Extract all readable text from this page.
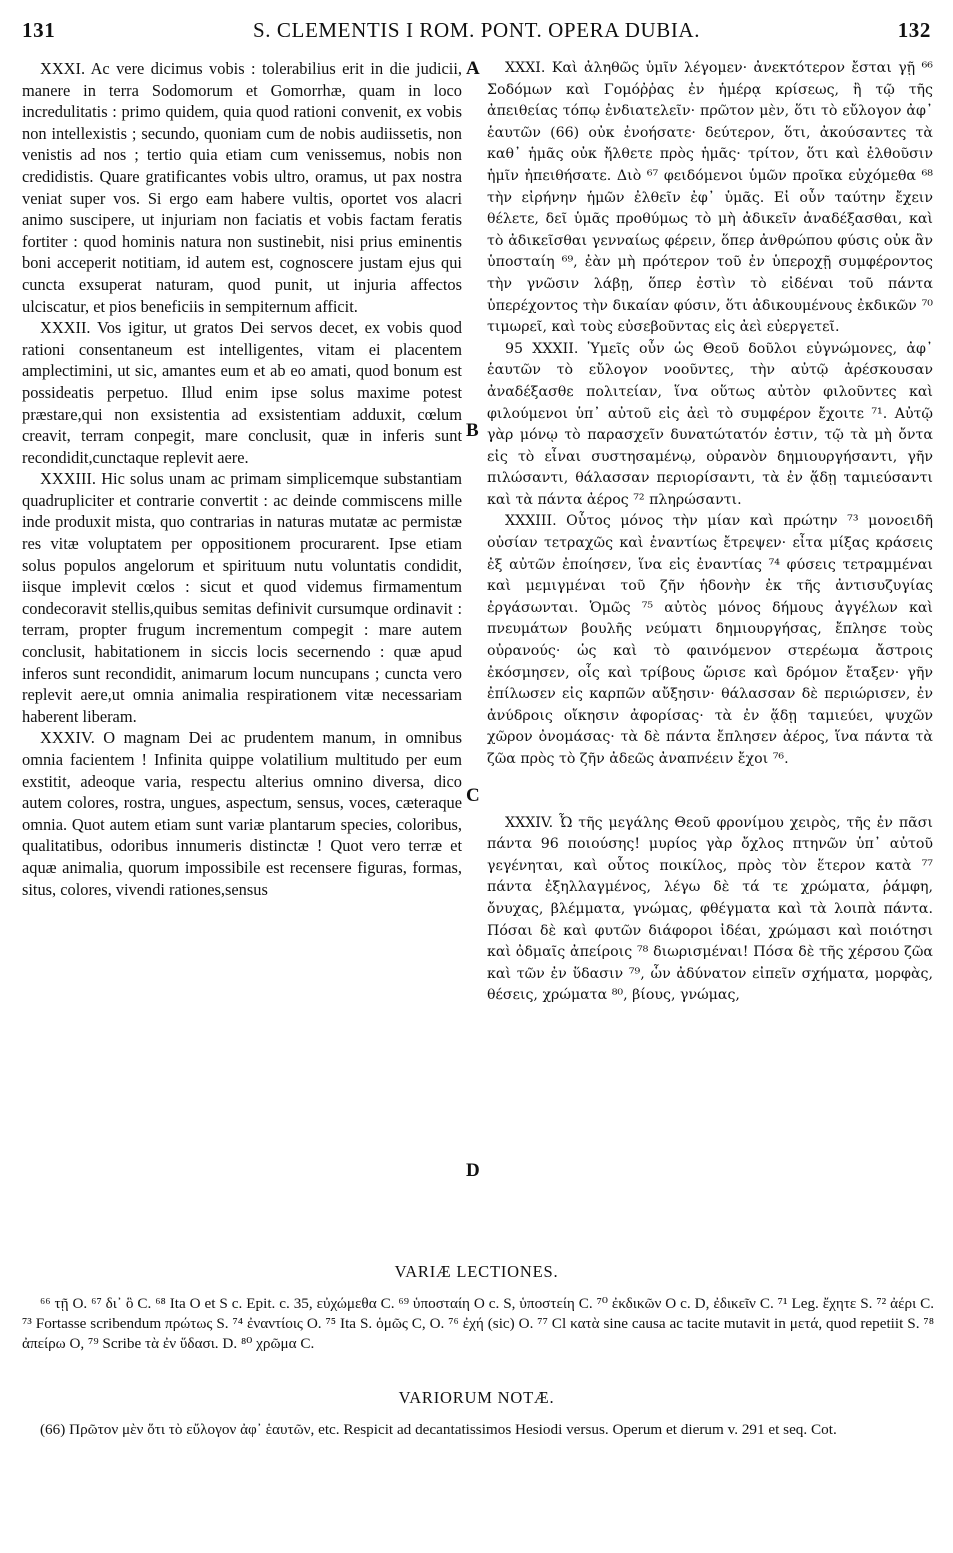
131	S. CLEMENTIS I ROM. PONT. OPERA DUBIA.	132

XXXI. Ac vere dicimus vobis : tolerabilius erit in die judicii, manere in terra Sodomorum et Gomorrhæ, quam in loco incredulitatis : primo quidem, quia quod rationi convenit, ex vobis non intellexistis ; secundo, quoniam cum de nobis audiissetis, non venistis ad nos ; tertio quia etiam cum venissemus, nobis non credidistis. Quare gratificantes vobis ultro, oramus, ut pax nostra veniat super vos. Si ergo eam habere vultis, oportet vos alacri animo suscipere, ut injuriam non faciatis et vobis factam feratis fortiter : quod hominis natura non sustinebit, nisi prius eminentis boni acceperit notitiam, id autem est, cognoscere justam ejus qui cuncta exsuperat naturam, quod punit, ut injuria affectos ulciscatur, et pios beneficiis in sempiternum afficit.

XXXII. Vos igitur, ut gratos Dei servos decet, ex vobis quod rationi consentaneum est intelligentes, vitam ei placentem amplectimini, ut sic, amantes eum et ab eo amati, quod bonum est possideatis perpetuo. Illud enim ipse solus maxime potest præstare,qui non exsistentia ad exsistentiam adduxit, cœlum creavit, terram conpegit, mare conclusit, quæ in inferis sunt recondidit,cunctaque replevit aere.

XXXIII. Hic solus unam ac primam simplicemque substantiam quadrupliciter et contrarie convertit : ac deinde commiscens mille inde produxit mista, quo contrarias in naturas mutatæ ac permistæ res vitæ voluptatem per oppositionem procurarent. Ipse etiam solus populos angelorum et spirituum nutu voluntatis condidit, iisque implevit cœlos : sicut et quod videmus firmamentum condecoravit stellis,quibus semitas definivit cursumque ordinavit : terram, propter frugum incrementum compegit : mare autem conclusit, habitationem in siccis locis secernendo : quæ apud inferos sunt recondidit, animarum locum nuncupans ; cuncta vero replevit aere,ut omnia animalia respirationem vitæ necessariam haberent liberam.

XXXIV. O magnam Dei ac prudentem manum, in omnibus omnia facientem ! Infinita quippe volatilium multitudo per eum exstitit, adeoque varia, respectu alterius omnino diversa, dico autem colores, rostra, ungues, aspectum, sensus, voces, cæteraque omnia. Quot autem etiam sunt variæ plantarum species, coloribus, qualitatibus, odoribus innumeris distinctæ ! Quot vero terræ et aquæ animalia, quorum impossibile est recensere figuras, formas, situs, colores, vivendi rationes,sensus

A
B
C
D

XXXI. Καὶ ἀληθῶς ὑμῖν λέγομεν· ἀνεκτότερον ἔσται γῇ ⁶⁶ Σοδόμων καὶ Γομόῤῥας ἐν ἡμέρᾳ κρίσεως, ἢ τῷ τῆς ἀπειθείας τόπῳ ἐνδιατελεῖν· πρῶτον μὲν, ὅτι τὸ εὔλογον ἀφ᾽ ἑαυτῶν (66) οὐκ ἐνοήσατε· δεύτερον, ὅτι, ἀκούσαντες τὰ καθ᾽ ἡμᾶς οὐκ ἤλθετε πρὸς ἡμᾶς· τρίτον, ὅτι καὶ ἐλθοῦσιν ἡμῖν ἠπειθήσατε. Διὸ ⁶⁷ φειδόμενοι ὑμῶν προῖκα εὐχόμεθα ⁶⁸ τὴν εἰρήνην ἡμῶν ἐλθεῖν ἐφ᾽ ὑμᾶς. Εἰ οὖν ταύτην ἔχειν θέλετε, δεῖ ὑμᾶς προθύμως τὸ μὴ ἀδικεῖν ἀναδέξασθαι, καὶ τὸ ἀδικεῖσθαι γενναίως φέρειν, ὅπερ ἀνθρώπου φύσις οὐκ ἂν ὑποσταίη ⁶⁹, ἐὰν μὴ πρότερον τοῦ ἐν ὑπεροχῇ συμφέροντος τὴν γνῶσιν λάβῃ, ὅπερ ἐστὶν τὸ εἰδέναι τοῦ πάντα ὑπερέχοντος τὴν δικαίαν φύσιν, ὅτι ἀδικουμένους ἐκδικῶν ⁷⁰ τιμωρεῖ, καὶ τοὺς εὐσεβοῦντας εἰς ἀεὶ εὐεργετεῖ.

95 XXXII. Ὑμεῖς οὖν ὡς Θεοῦ δοῦλοι εὐγνώμονες, ἀφ᾽ ἑαυτῶν τὸ εὔλογον νοοῦντες, τὴν αὐτῷ ἀρέσκουσαν ἀναδέξασθε πολιτείαν, ἵνα οὕτως αὐτὸν φιλοῦντες καὶ φιλούμενοι ὑπ᾽ αὐτοῦ εἰς ἀεὶ τὸ συμφέρον ἔχοιτε ⁷¹. Αὐτῷ γὰρ μόνῳ τὸ παρασχεῖν δυνατώτατόν ἐστιν, τῷ τὰ μὴ ὄντα εἰς τὸ εἶναι συστησαμένῳ, οὐρανὸν δημιουργήσαντι, γῆν πιλώσαντι, θάλασσαν περιορίσαντι, τὰ ἐν ᾅδῃ ταμιεύσαντι καὶ τὰ πάντα ἀέρος ⁷² πληρώσαντι.

XXXIII. Οὗτος μόνος τὴν μίαν καὶ πρώτην ⁷³ μονοειδῆ οὐσίαν τετραχῶς καὶ ἐναντίως ἔτρεψεν· εἶτα μίξας κράσεις ἐξ αὐτῶν ἐποίησεν, ἵνα εἰς ἐναντίας ⁷⁴ φύσεις τετραμμέναι καὶ μεμιγμέναι τοῦ ζῆν ἡδονὴν ἐκ τῆς ἀντισυζυγίας ἐργάσωνται. Ὁμῶς ⁷⁵ αὐτὸς μόνος δήμους ἀγγέλων καὶ πνευμάτων βουλῆς νεύματι δημιουργήσας, ἔπλησε τοὺς οὐρανούς· ὡς καὶ τὸ φαινόμενον στερέωμα ἄστροις ἐκόσμησεν, οἷς καὶ τρίβους ὥρισε καὶ δρόμον ἔταξεν· γῆν ἐπίλωσεν εἰς καρπῶν αὔξησιν· θάλασσαν δὲ περιώρισεν, ἐν ἀνύδροις οἴκησιν ἀφορίσας· τὰ ἐν ᾅδῃ ταμιεύει, ψυχῶν χῶρον ὀνομάσας· τὰ δὲ πάντα ἔπλησεν ἀέρος, ἵνα πάντα τὰ ζῶα πρὸς τὸ ζῆν ἀδεῶς ἀναπνέειν ἔχοι ⁷⁶.

XXXIV. Ὦ τῆς μεγάλης Θεοῦ φρονίμου χειρὸς, τῆς ἐν πᾶσι πάντα 96 ποιούσης! μυρίος γὰρ ὄχλος πτηνῶν ὑπ᾽ αὐτοῦ γεγένηται, καὶ οὗτος ποικίλος, πρὸς τὸν ἕτερον κατὰ ⁷⁷ πάντα ἐξηλλαγμένος, λέγω δὲ τά τε χρώματα, ῥάμφη, ὄνυχας, βλέμματα, γνώμας, φθέγματα καὶ τὰ λοιπὰ πάντα. Πόσαι δὲ καὶ φυτῶν διάφοροι ἰδέαι, χρώμασι καὶ ποιότησι καὶ ὀδμαῖς ἀπείροις ⁷⁸ διωρισμέναι! Πόσα δὲ τῆς χέρσου ζῶα καὶ τῶν ἐν ὕδασιν ⁷⁹, ὧν ἀδύνατον εἰπεῖν σχήματα, μορφὰς, θέσεις, χρώματα ⁸⁰, βίους, γνώμας,

VARIÆ LECTIONES.

⁶⁶ τῇ O. ⁶⁷ δι᾽ ὃ C. ⁶⁸ Ita O et S c. Epit. c. 35, εὐχώμεθα C. ⁶⁹ ὑποσταίη O c. S, ὑποστείη C. ⁷⁰ ἐκδικῶν O c. D, ἐδικεῖν C. ⁷¹ Leg. ἔχητε S. ⁷² ἀέρι C. ⁷³ Fortasse scribendum πρώτως S. ⁷⁴ ἐναντίοις O. ⁷⁵ Ita S. ὁμῶς C, O. ⁷⁶ ἐχή (sic) O. ⁷⁷ Cl κατὰ sine causa ac tacite mutavit in μετά, quod repetiit S. ⁷⁸ ἀπείρω O, ⁷⁹ Scribe τὰ ἐν ὕδασι. D. ⁸⁰ χρῶμα C.

VARIORUM NOTÆ.

(66) Πρῶτον μὲν ὅτι τὸ εὔλογον ἀφ᾽ ἑαυτῶν, etc. Respicit ad decantatissimos Hesiodi versus. Operum et dierum v. 291 et seq. Cot.
